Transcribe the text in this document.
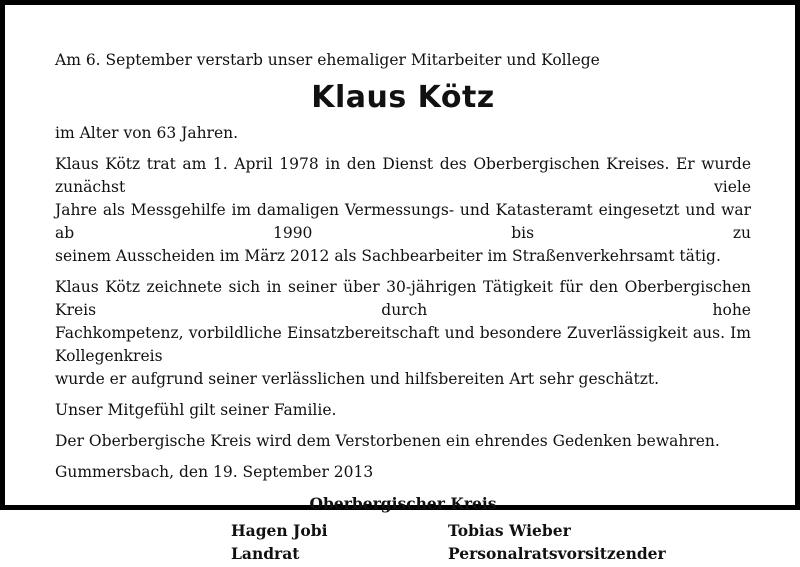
Am 6. September verstarb unser ehemaliger Mitarbeiter und Kollege

Klaus Kötz

im Alter von 63 Jahren.

Klaus Kötz trat am 1. April 1978 in den Dienst des Oberbergischen Kreises. Er wurde zunächst viele
Jahre als Messgehilfe im damaligen Vermessungs- und Katasteramt eingesetzt und war ab 1990 bis zu
seinem Ausscheiden im März 2012 als Sachbearbeiter im Straßenverkehrsamt tätig.

Klaus Kötz zeichnete sich in seiner über 30-jährigen Tätigkeit für den Oberbergischen Kreis durch hohe
Fachkompetenz, vorbildliche Einsatzbereitschaft und besondere Zuverlässigkeit aus. Im Kollegenkreis
wurde er aufgrund seiner verlässlichen und hilfsbereiten Art sehr geschätzt.

Unser Mitgefühl gilt seiner Familie.

Der Oberbergische Kreis wird dem Verstorbenen ein ehrendes Gedenken bewahren.

Gummersbach, den 19. September 2013

Oberbergischer Kreis
Hagen Jobi
Landrat
Tobias Wieber
Personalratsvorsitzender
